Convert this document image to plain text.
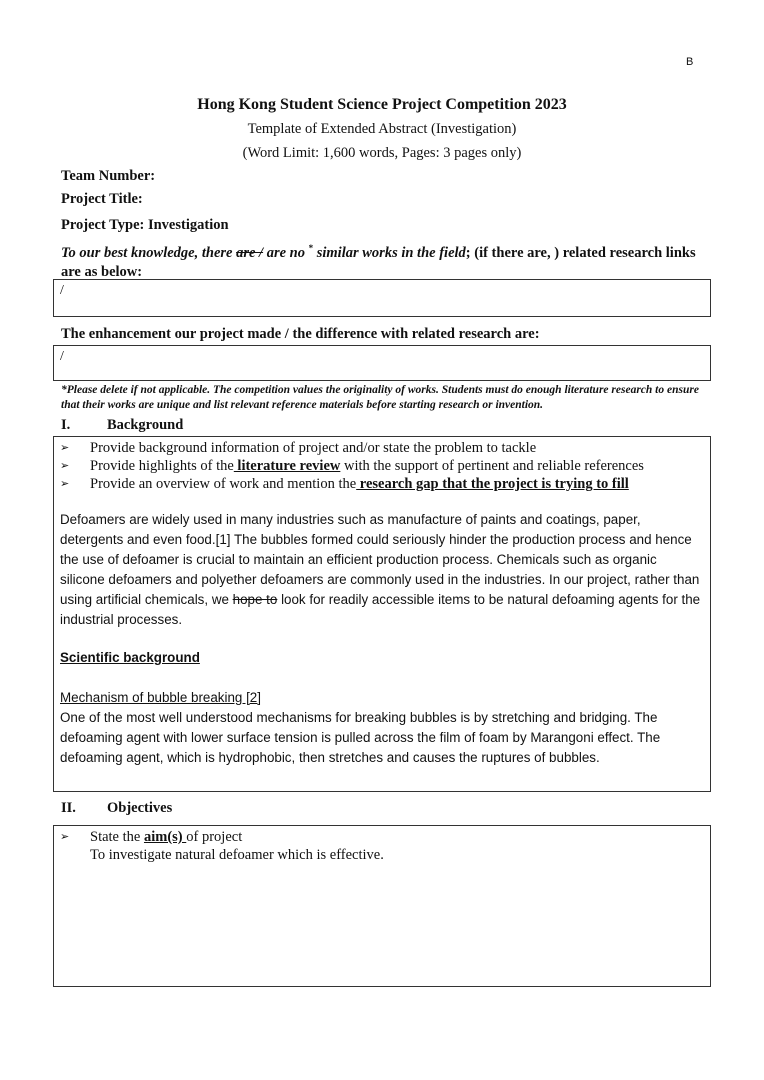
B
Hong Kong Student Science Project Competition 2023
Template of Extended Abstract (Investigation)
(Word Limit: 1,600 words, Pages: 3 pages only)
Team Number:
Project Title:
Project Type: Investigation
To our best knowledge, there are / are no * similar works in the field; (if there are, ) related research links are as below:
/
The enhancement our project made / the difference with related research are:
/
*Please delete if not applicable. The competition values the originality of works. Students must do enough literature research to ensure that their works are unique and list relevant reference materials before starting research or invention.
I.	Background
➢	Provide background information of project and/or state the problem to tackle
➢	Provide highlights of the literature review with the support of pertinent and reliable references
➢	Provide an overview of work and mention the research gap that the project is trying to fill
Defoamers are widely used in many industries such as manufacture of paints and coatings, paper, detergents and even food.[1] The bubbles formed could seriously hinder the production process and hence the use of defoamer is crucial to maintain an efficient production process. Chemicals such as organic silicone defoamers and polyether defoamers are commonly used in the industries. In our project, rather than using artificial chemicals, we hope to look for readily accessible items to be natural defoaming agents for the industrial processes.
Scientific background
Mechanism of bubble breaking [2]
One of the most well understood mechanisms for breaking bubbles is by stretching and bridging. The defoaming agent with lower surface tension is pulled across the film of foam by Marangoni effect. The defoaming agent, which is hydrophobic, then stretches and causes the ruptures of bubbles.
II. Objectives
➢	State the aim(s) of project
To investigate natural defoamer which is effective.
